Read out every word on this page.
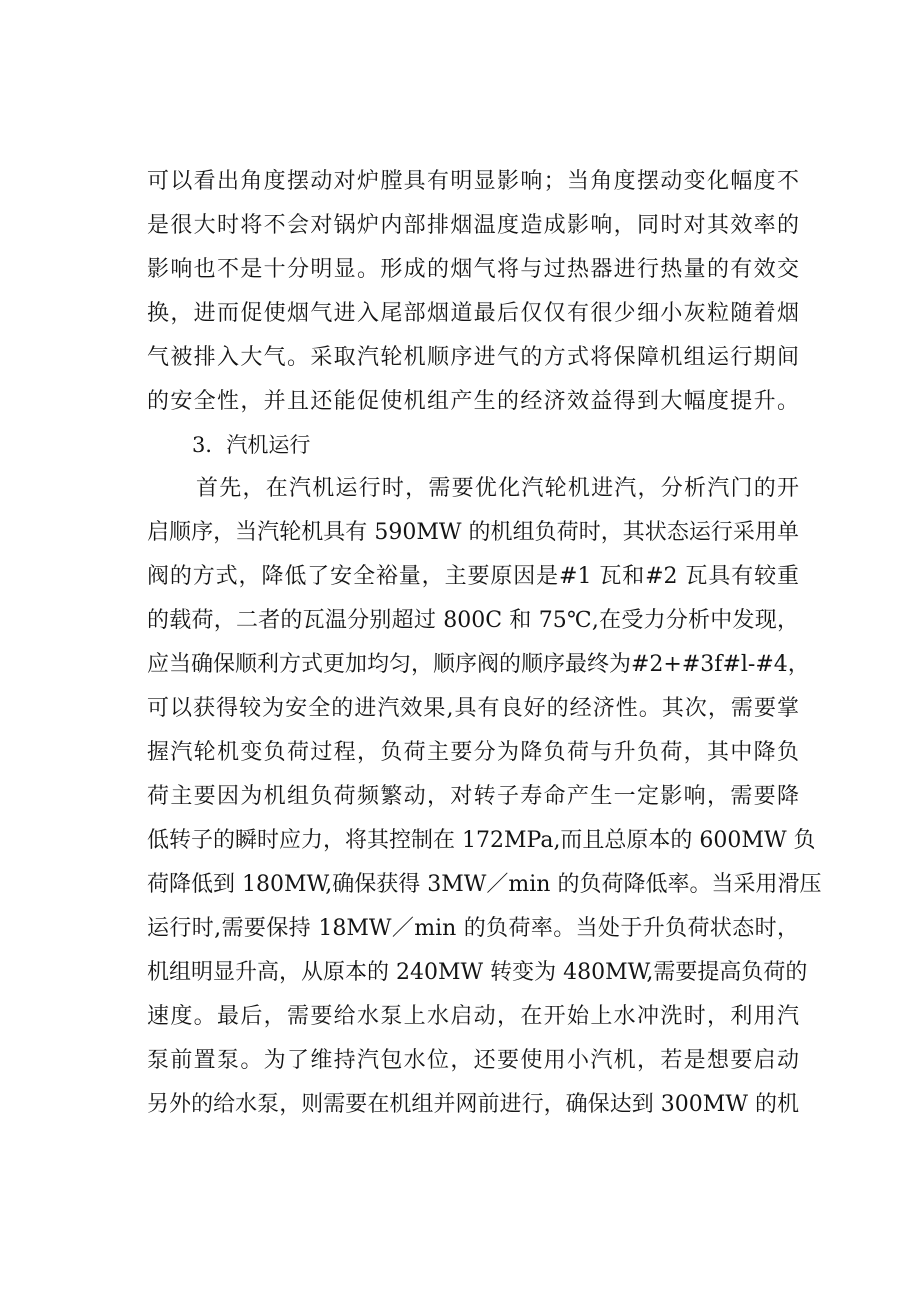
可以看出角度摆动对炉膛具有明显影响；当角度摆动变化幅度不
是很大时将不会对锅炉内部排烟温度造成影响，同时对其效率的
影响也不是十分明显。形成的烟气将与过热器进行热量的有效交
换，进而促使烟气进入尾部烟道最后仅仅有很少细小灰粒随着烟
气被排入大气。采取汽轮机顺序进气的方式将保障机组运行期间
的安全性，并且还能促使机组产生的经济效益得到大幅度提升。
3．汽机运行
首先，在汽机运行时，需要优化汽轮机进汽，分析汽门的开
启顺序，当汽轮机具有 590MW 的机组负荷时，其状态运行采用单
阀的方式，降低了安全裕量，主要原因是#1 瓦和#2 瓦具有较重
的载荷，二者的瓦温分别超过 800C 和 75℃,在受力分析中发现，
应当确保顺利方式更加均匀，顺序阀的顺序最终为#2+#3f#l-#4，
可以获得较为安全的进汽效果,具有良好的经济性。其次，需要掌
握汽轮机变负荷过程，负荷主要分为降负荷与升负荷，其中降负
荷主要因为机组负荷频繁动，对转子寿命产生一定影响，需要降
低转子的瞬时应力，将其控制在 172MPa,而且总原本的 600MW 负
荷降低到 180MW,确保获得 3MW／min 的负荷降低率。当采用滑压
运行时,需要保持 18MW／min 的负荷率。当处于升负荷状态时，
机组明显升高，从原本的 240MW 转变为 480MW,需要提高负荷的
速度。最后，需要给水泵上水启动，在开始上水冲洗时，利用汽
泵前置泵。为了维持汽包水位，还要使用小汽机，若是想要启动
另外的给水泵，则需要在机组并网前进行，确保达到 300MW 的机
